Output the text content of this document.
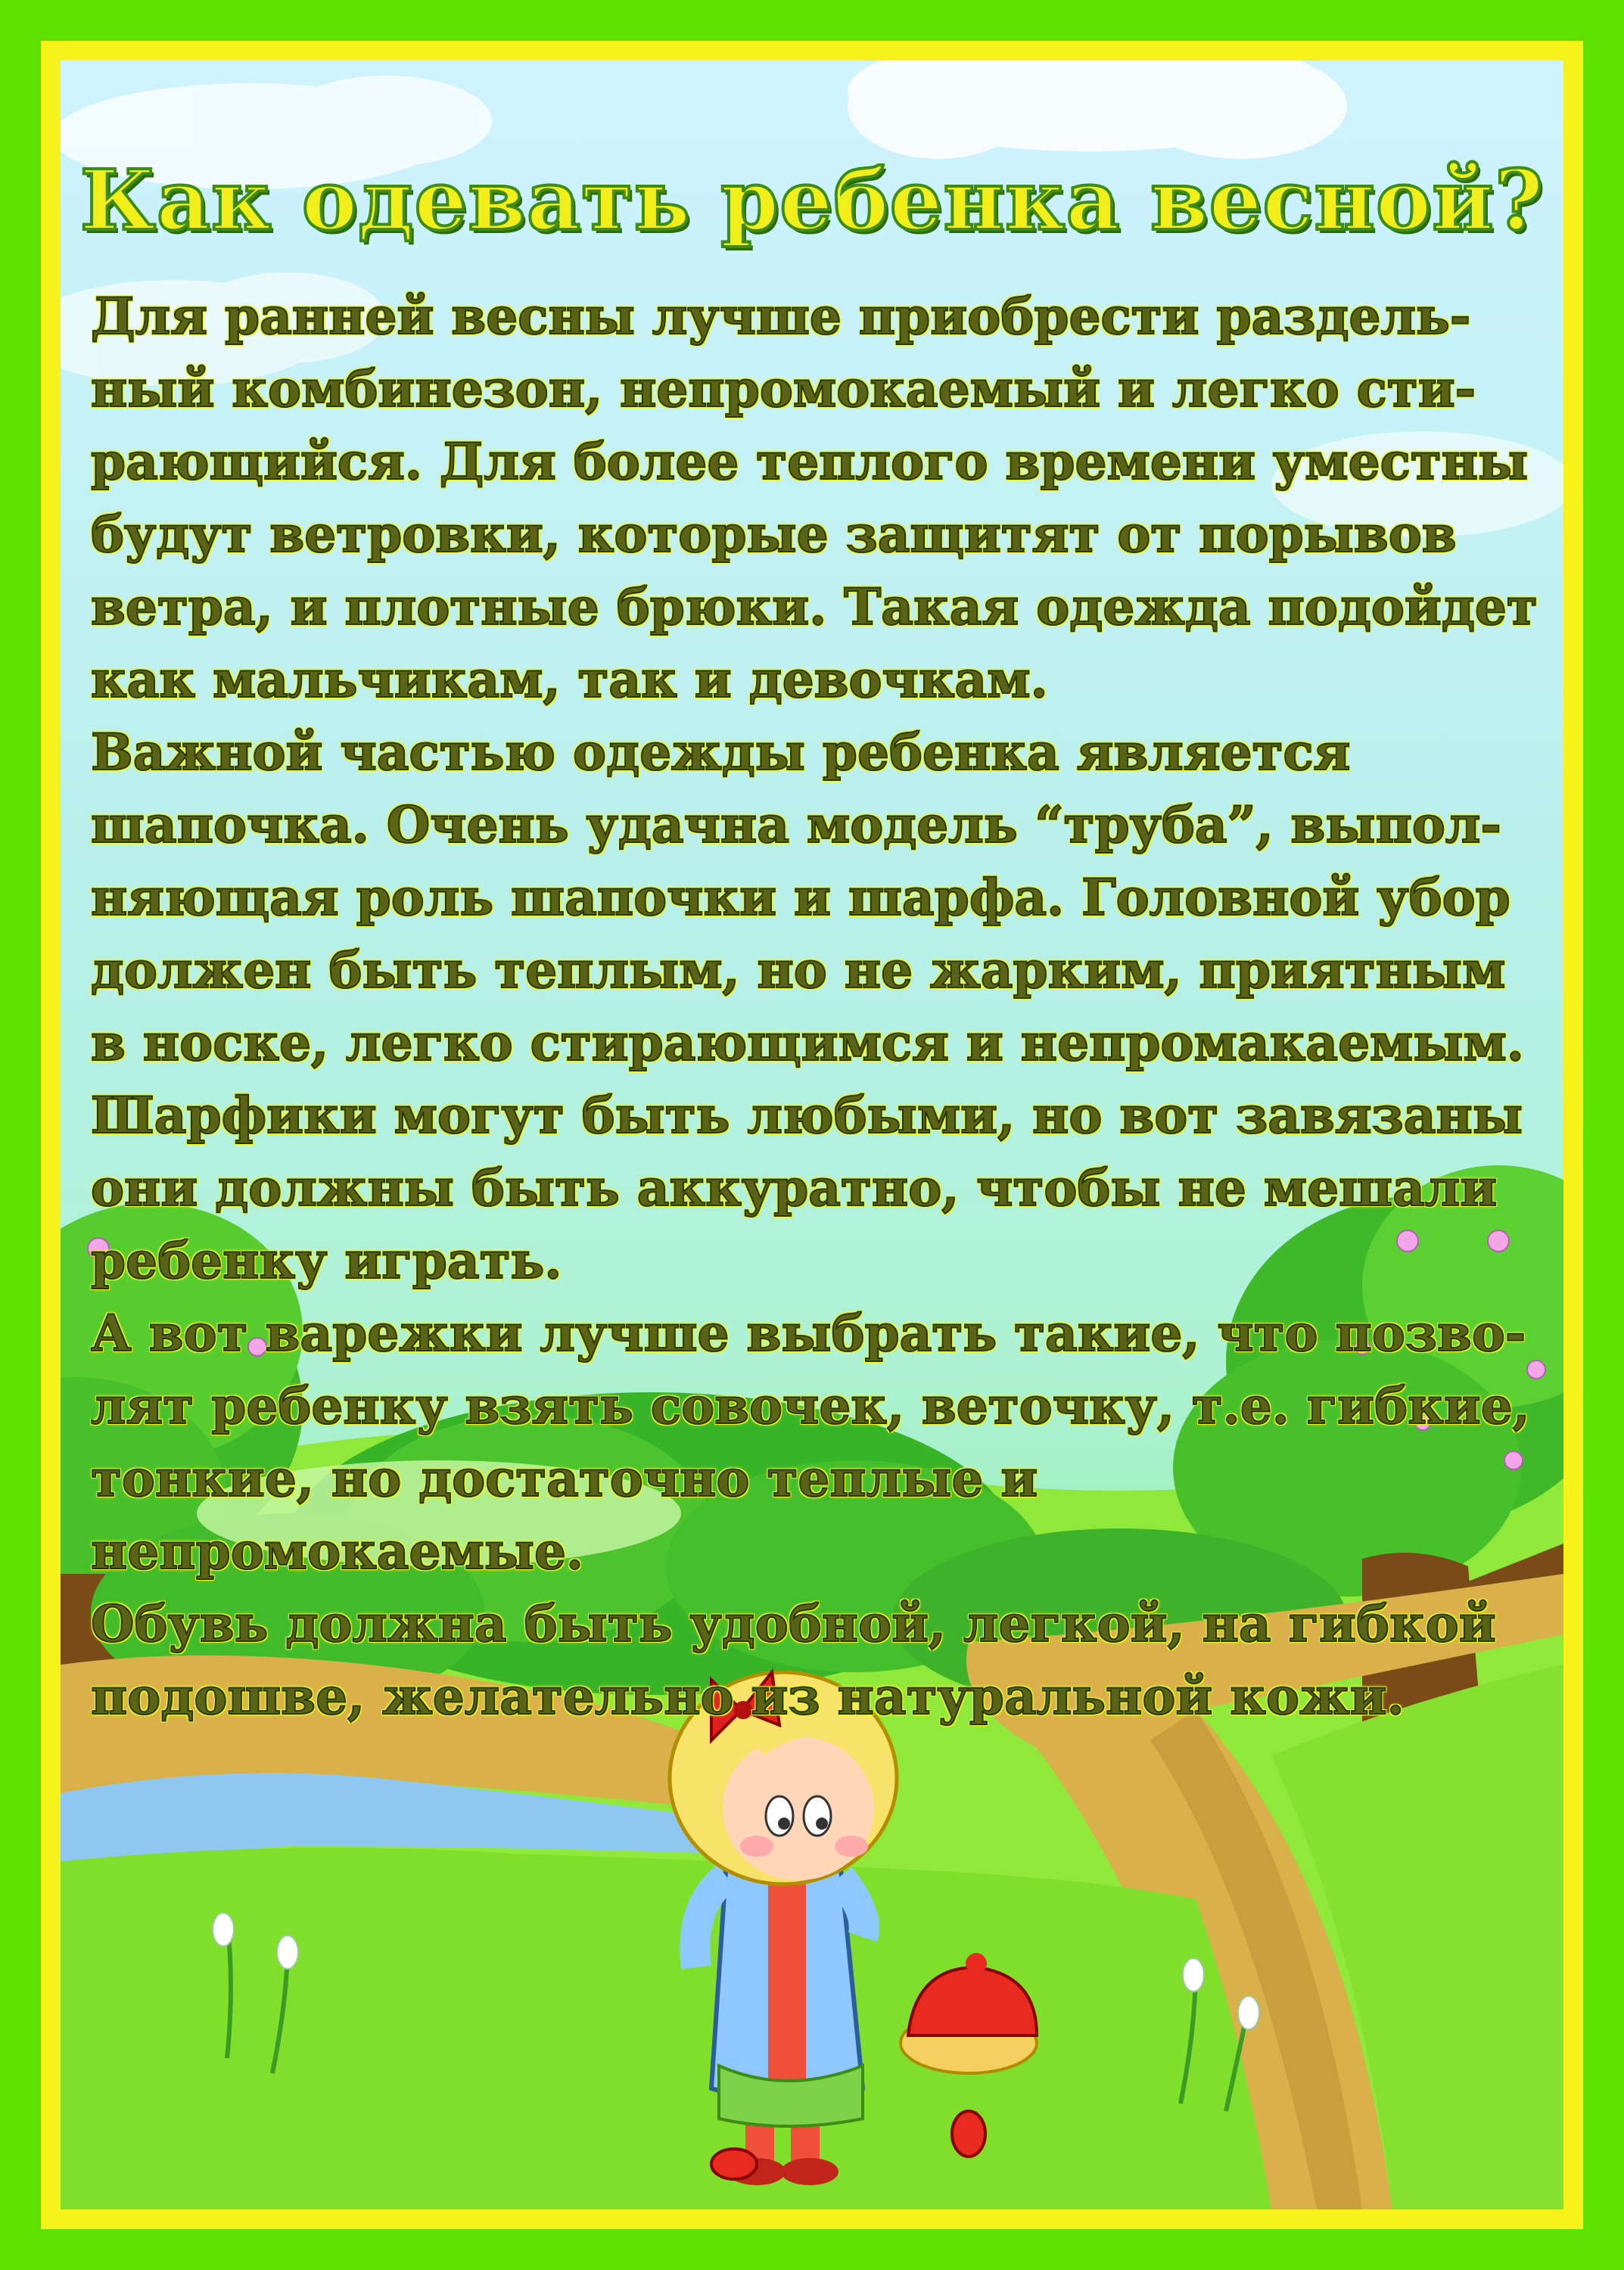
Как одевать ребенка весной?

Для ранней весны лучше приобрести раздель-
ный комбинезон, непромокаемый и легко сти-
рающийся. Для более теплого времени уместны
будут ветровки, которые защитят от порывов
ветра, и плотные брюки. Такая одежда подойдет
как мальчикам, так и девочкам.

Важной частью одежды ребенка является
шапочка. Очень удачна модель “труба”, выпол-
няющая роль шапочки и шарфа. Головной убор
должен быть теплым, но не жарким, приятным
в носке, легко стирающимся и непромакаемым.

Шарфики могут быть любыми, но вот завязаны
они должны быть аккуратно, чтобы не мешали
ребенку играть.

А вот варежки лучше выбрать такие, что позво-
лят ребенку взять совочек, веточку, т.е. гибкие,
тонкие, но достаточно теплые и непромокаемые.

Обувь должна быть удобной, легкой, на гибкой
подошве, желательно из натуральной кожи.
